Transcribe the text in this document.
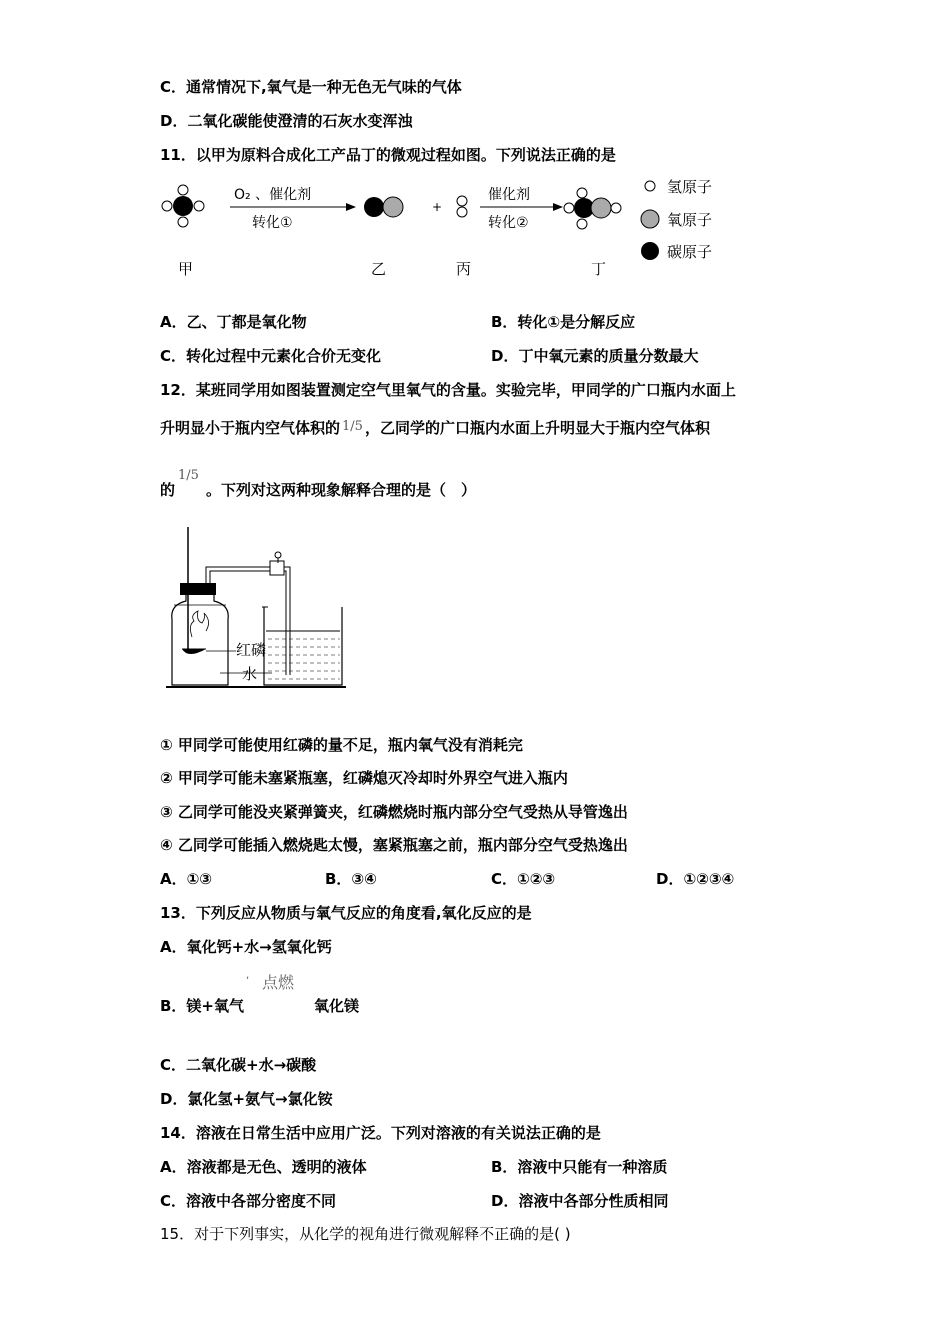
C．通常情况下,氧气是一种无色无气味的气体
D．二氧化碳能使澄清的石灰水变浑浊
11．以甲为原料合成化工产品丁的微观过程如图。下列说法正确的是
O₂ 、催化剂
转化①
+
催化剂
转化②
氢原子
氧原子
碳原子
甲	乙	丙	丁
A．乙、丁都是氧化物	B．转化①是分解反应
C．转化过程中元素化合价无变化	D．丁中氧元素的质量分数最大
12．某班同学用如图装置测定空气里氧气的含量。实验完毕，甲同学的广口瓶内水面上
升明显小于瓶内空气体积的 1/5 ，乙同学的广口瓶内水面上升明显大于瓶内空气体积
的
1/5
。下列对这两种现象解释合理的是（　）
红磷
水
① 甲同学可能使用红磷的量不足，瓶内氧气没有消耗完
② 甲同学可能未塞紧瓶塞，红磷熄灭冷却时外界空气进入瓶内
③ 乙同学可能没夹紧弹簧夹，红磷燃烧时瓶内部分空气受热从导管逸出
④ 乙同学可能插入燃烧匙太慢，塞紧瓶塞之前，瓶内部分空气受热逸出
A．①③	B．③④	C．①②③	D．①②③④
13．下列反应从物质与氧气反应的角度看,氧化反应的是
A．氧化钙+水→氢氧化钙
, 点燃
B．镁+氧气	氧化镁
C．二氧化碳+水→碳酸
D．氯化氢+氨气→氯化铵
14．溶液在日常生活中应用广泛。下列对溶液的有关说法正确的是
A．溶液都是无色、透明的液体	B．溶液中只能有一种溶质
C．溶液中各部分密度不同	D．溶液中各部分性质相同
15．对于下列事实，从化学的视角进行微观解释不正确的是( )
